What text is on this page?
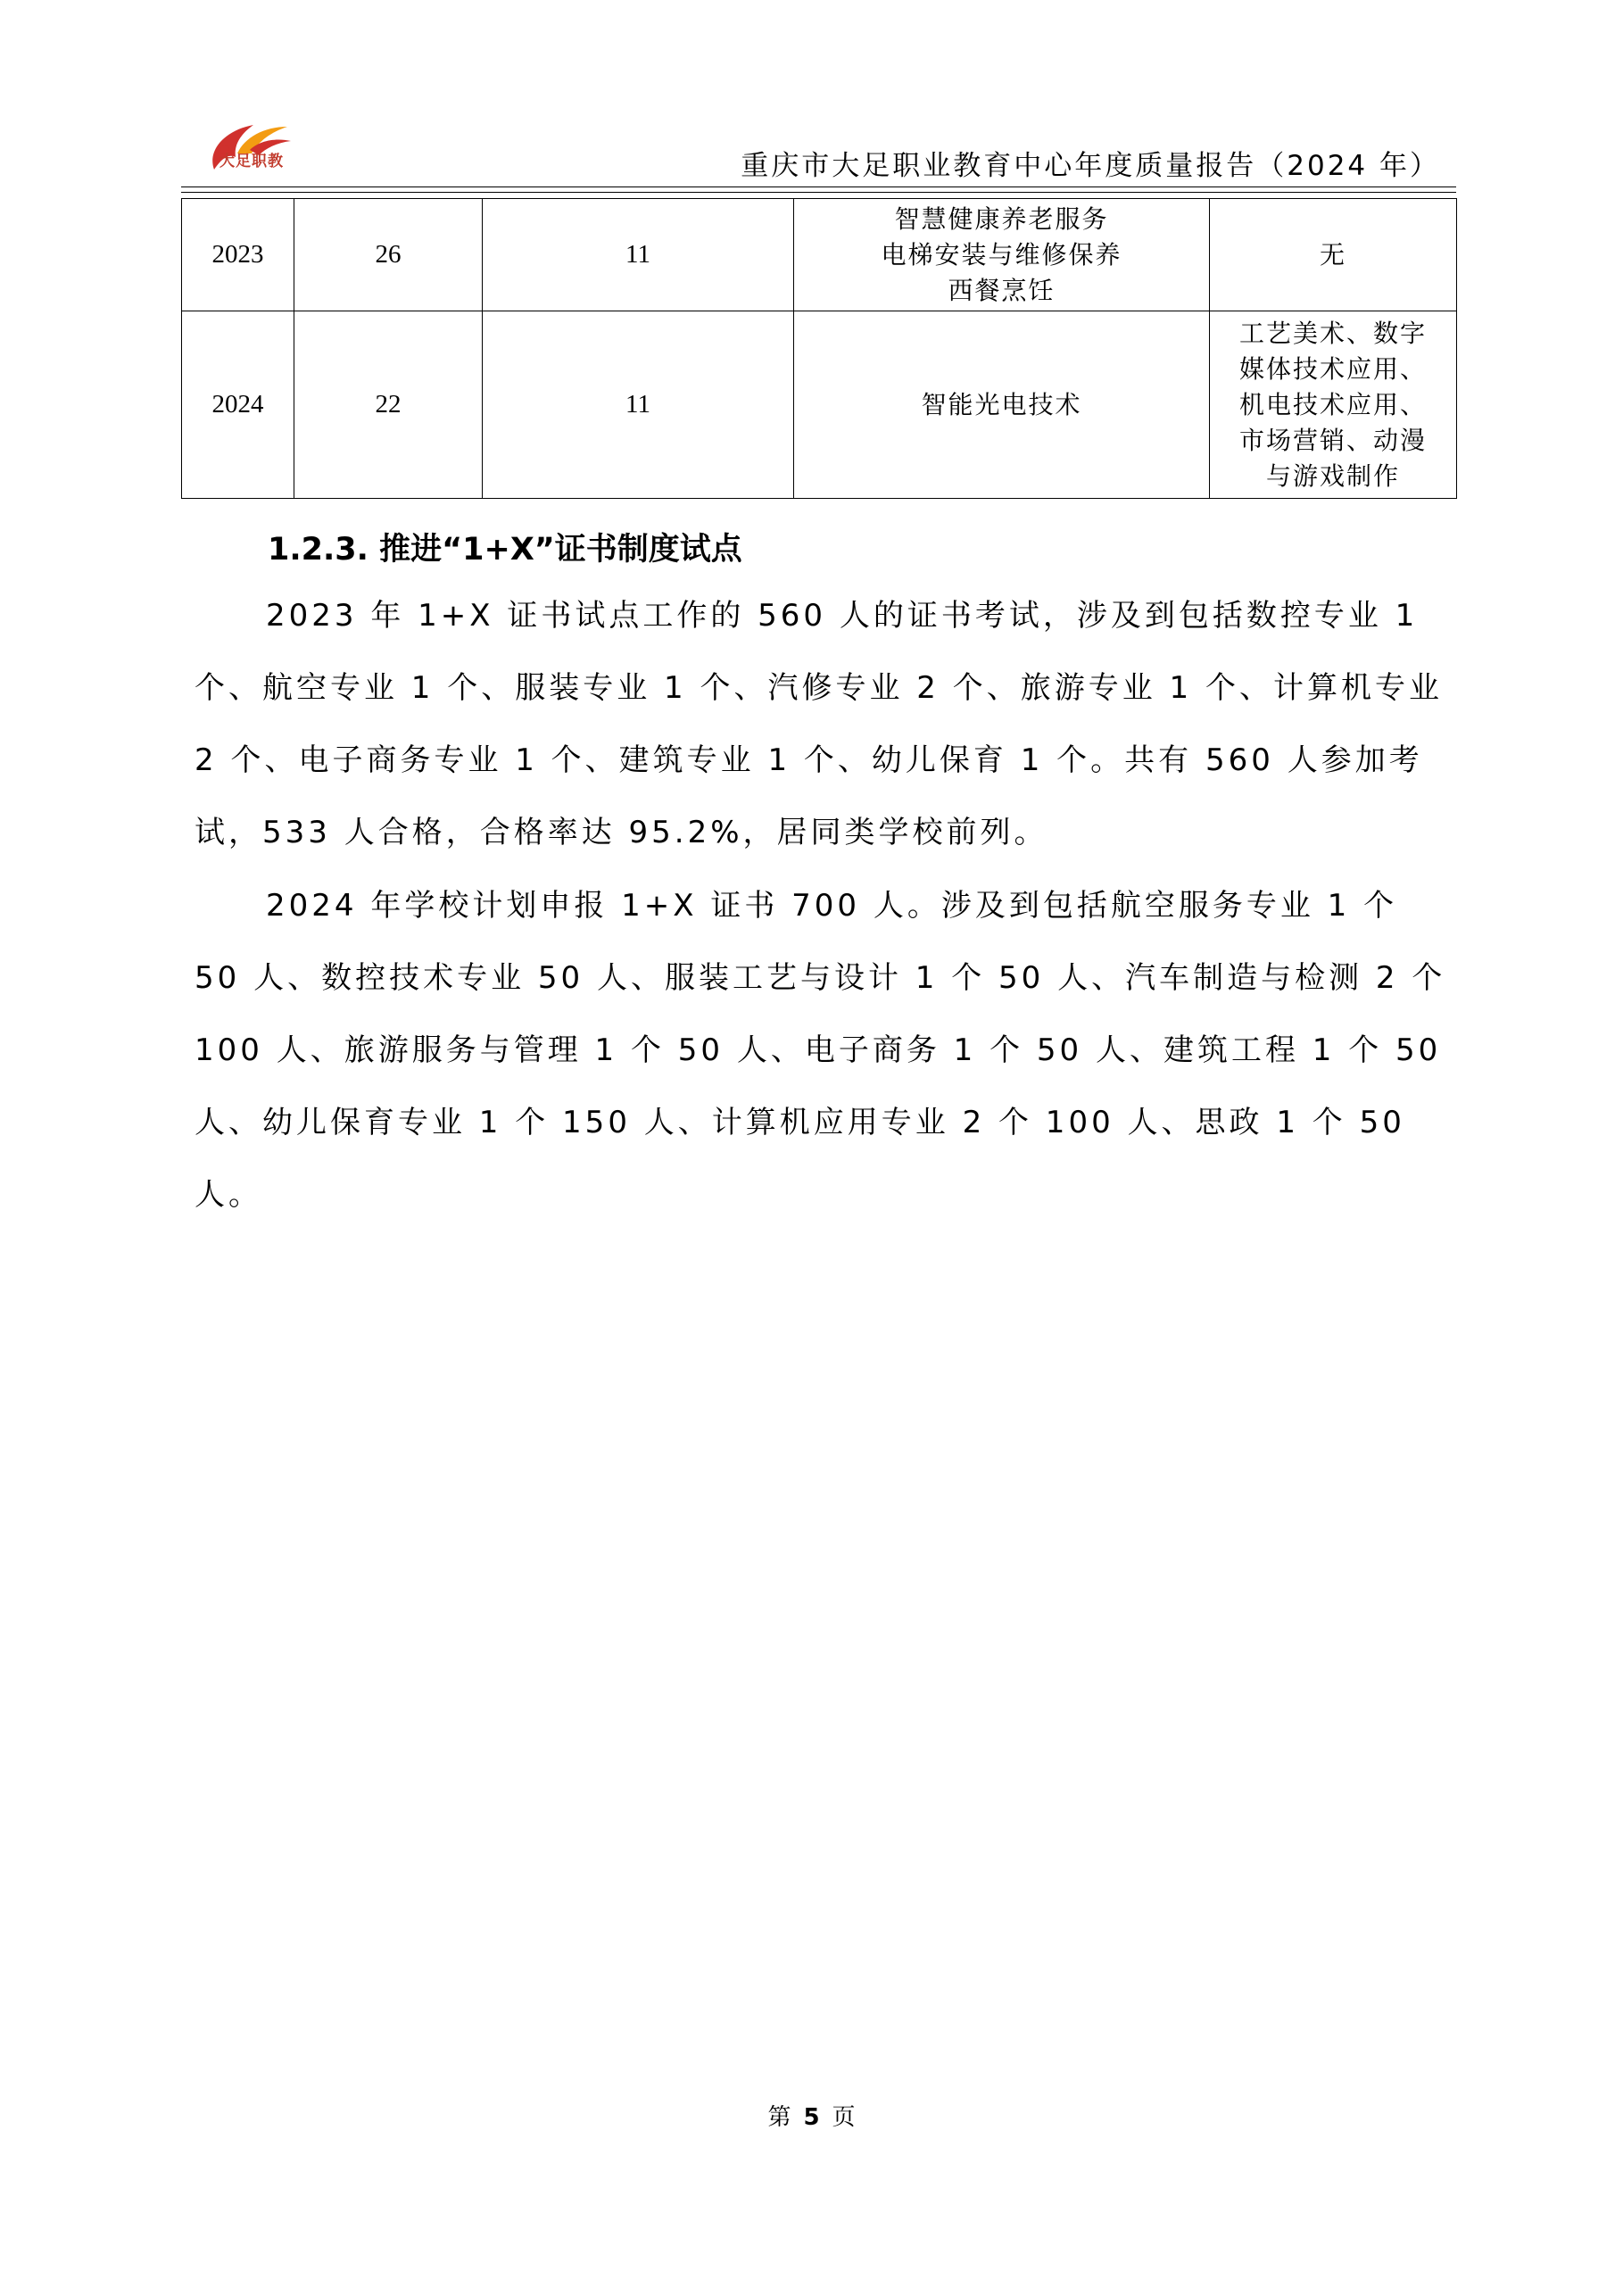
大足职教	重庆市大足职业教育中心年度质量报告（2024 年）
2023	26	11	智慧健康养老服务
电梯安装与维修保养
西餐烹饪	无

2024	22	11	智能光电技术	工艺美术、数字
媒体技术应用、
机电技术应用、
市场营销、动漫
与游戏制作
1.2.3. 推进“1+X”证书制度试点

2023 年 1+X 证书试点工作的 560 人的证书考试，涉及到包括数控专业 1 个、航空专业 1 个、服装专业 1 个、汽修专业 2 个、旅游专业 1 个、计算机专业 2 个、电子商务专业 1 个、建筑专业 1 个、幼儿保育 1 个。共有 560 人参加考试，533 人合格，合格率达 95.2%，居同类学校前列。

2024 年学校计划申报 1+X 证书 700 人。涉及到包括航空服务专业 1 个 50 人、数控技术专业 50 人、服装工艺与设计 1 个 50 人、汽车制造与检测 2 个 100 人、旅游服务与管理 1 个 50 人、电子商务 1 个 50 人、建筑工程 1 个 50 人、幼儿保育专业 1 个 150 人、计算机应用专业 2 个 100 人、思政 1 个 50 人。

第 5 页
